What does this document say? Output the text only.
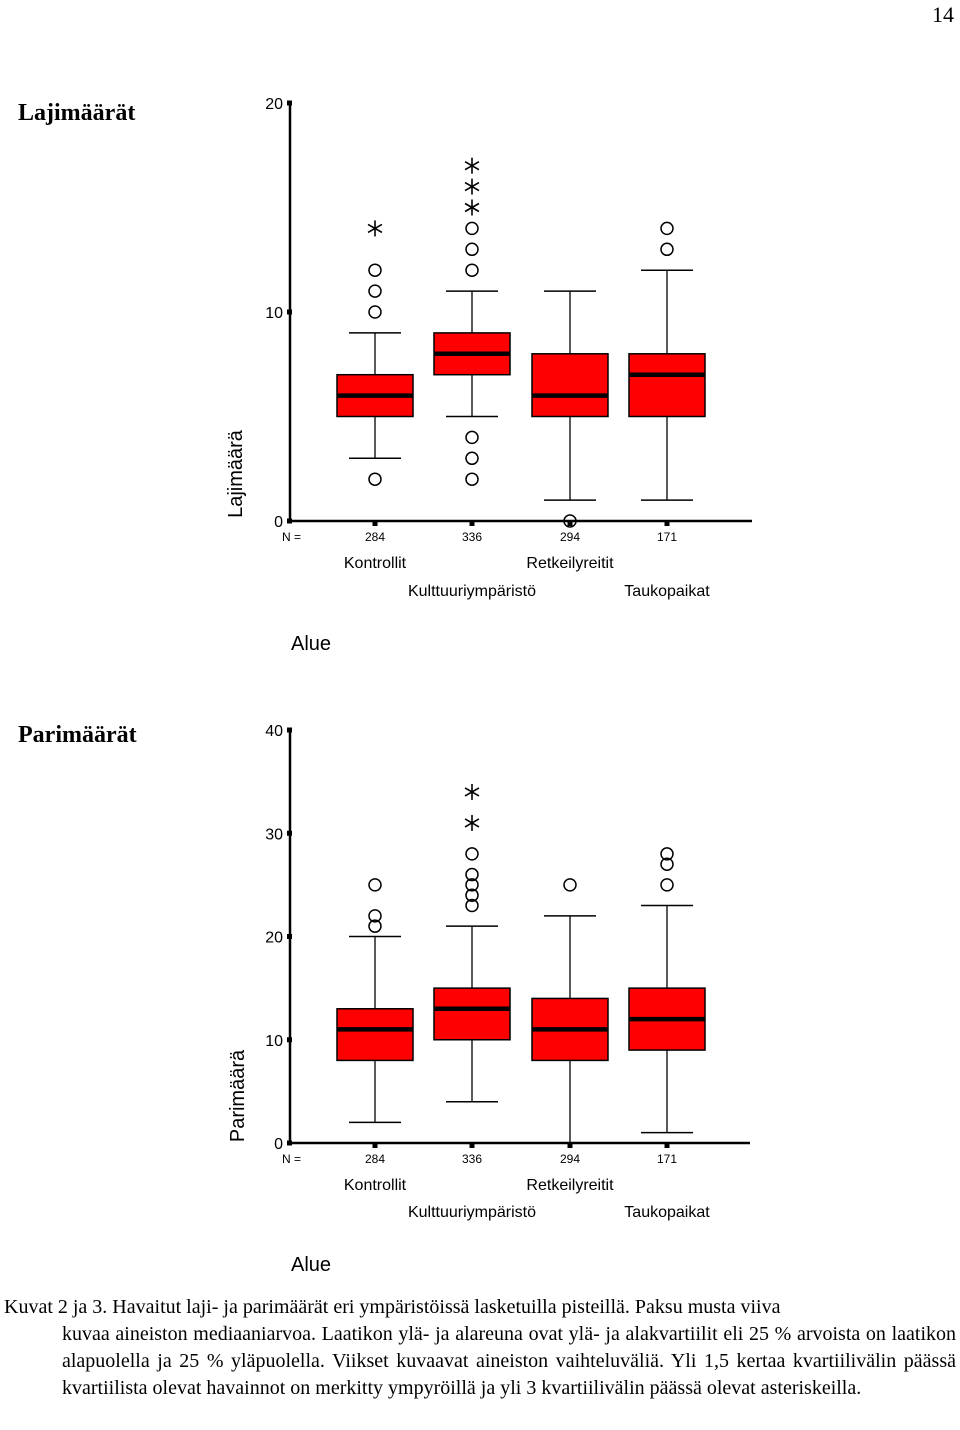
14
Lajimäärät
0
10
20
Lajimäärä
284	336	294	171
N =
Kontrollit	Retkeilyreitit
Kulttuuriympäristö	Taukopaikat
Alue
Parimäärät
0
10
20
30
40
Parimäärä
284	336	294	171
N =
Kontrollit	Retkeilyreitit
Kulttuuriympäristö	Taukopaikat
Alue

Kuvat 2 ja 3. Havaitut laji- ja parimäärät eri ympäristöissä lasketuilla pisteillä. Paksu musta viiva

kuvaa aineiston mediaaniarvoa. Laatikon ylä- ja alareuna ovat ylä- ja alakvartiilit eli 25 % arvoista on laatikon alapuolella ja 25 % yläpuolella. Viikset kuvaavat aineiston vaihteluväliä. Yli 1,5 kertaa kvartiilivälin päässä kvartiilista olevat havainnot on merkitty ympyröillä ja yli 3 kvartiilivälin päässä olevat asteriskeilla.
